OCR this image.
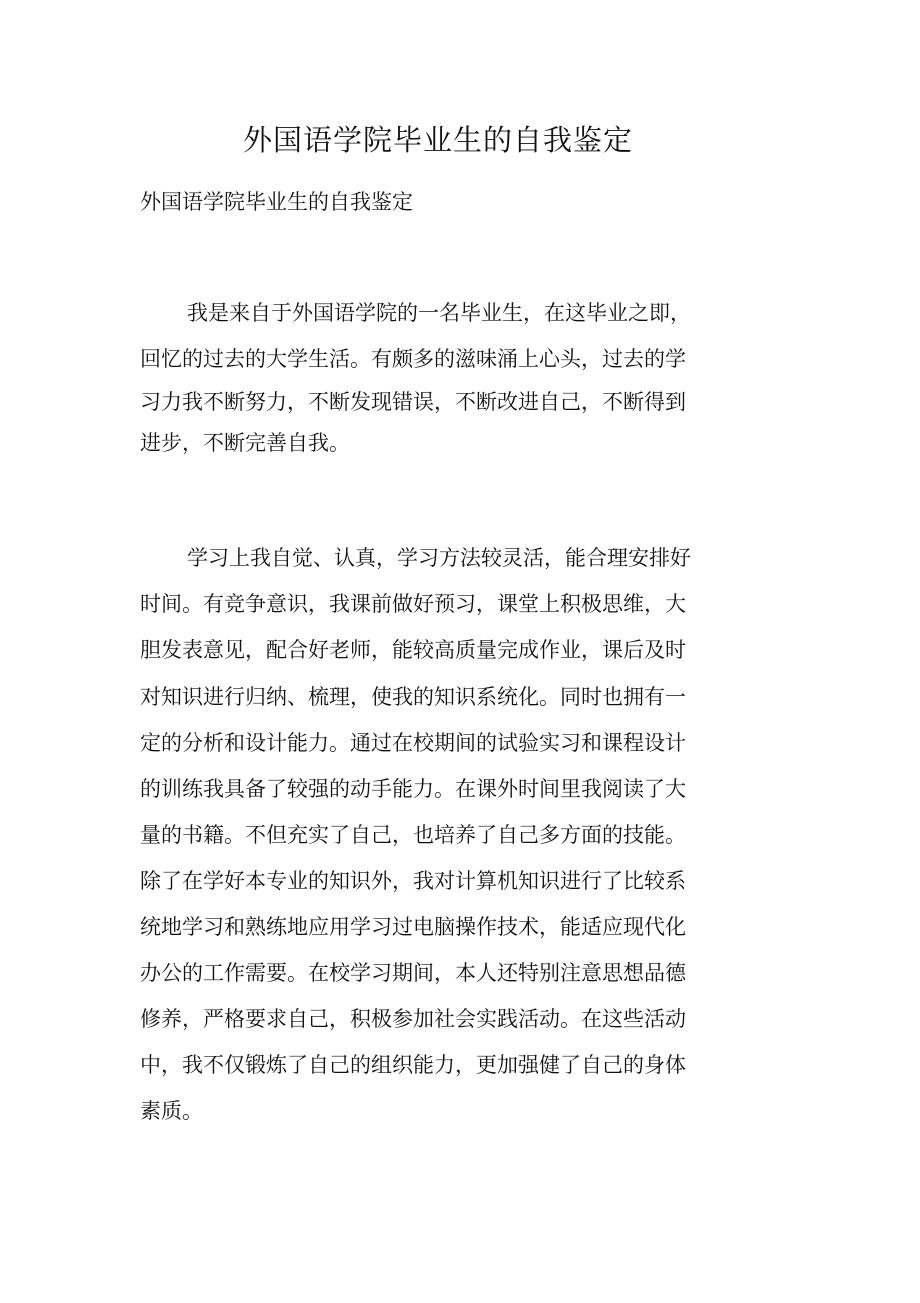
外国语学院毕业生的自我鉴定
外国语学院毕业生的自我鉴定
我是来自于外国语学院的一名毕业生，在这毕业之即，
回忆的过去的大学生活。有颇多的滋味涌上心头，过去的学
习力我不断努力，不断发现错误，不断改进自己，不断得到
进步，不断完善自我。
学习上我自觉、认真，学习方法较灵活，能合理安排好
时间。有竞争意识，我课前做好预习，课堂上积极思维，大
胆发表意见，配合好老师，能较高质量完成作业，课后及时
对知识进行归纳、梳理，使我的知识系统化。同时也拥有一
定的分析和设计能力。通过在校期间的试验实习和课程设计
的训练我具备了较强的动手能力。在课外时间里我阅读了大
量的书籍。不但充实了自己，也培养了自己多方面的技能。
除了在学好本专业的知识外，我对计算机知识进行了比较系
统地学习和熟练地应用学习过电脑操作技术，能适应现代化
办公的工作需要。在校学习期间，本人还特别注意思想品德
修养，严格要求自己，积极参加社会实践活动。在这些活动
中，我不仅锻炼了自己的组织能力，更加强健了自己的身体
素质。
